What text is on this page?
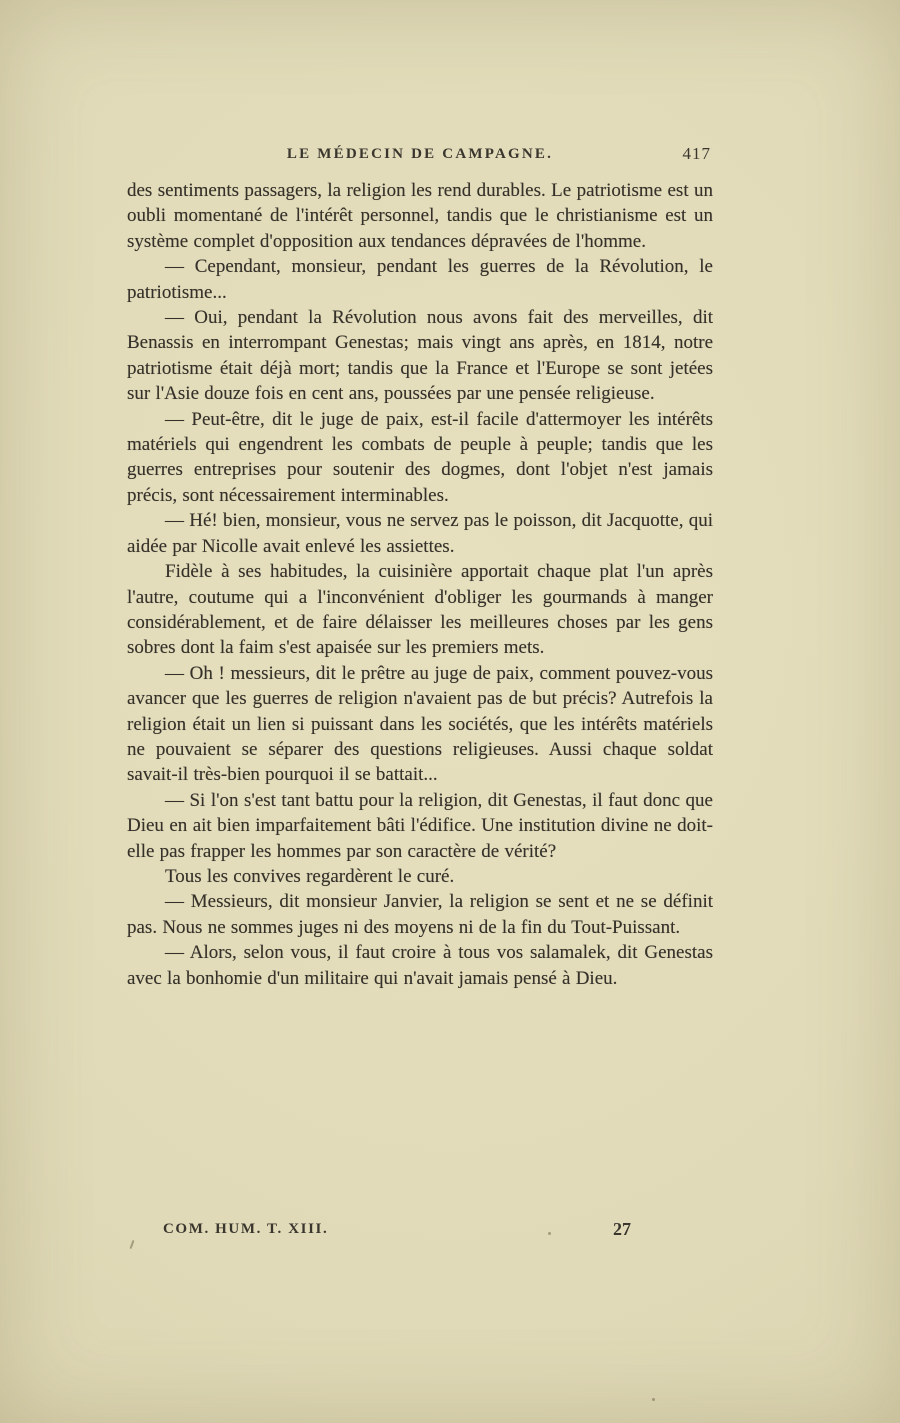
LE MÉDECIN DE CAMPAGNE.	417

des sentiments passagers, la religion les rend durables. Le patriotisme est un oubli momentané de l'intérêt personnel, tandis que le christianisme est un système complet d'opposition aux tendances dépravées de l'homme.

— Cependant, monsieur, pendant les guerres de la Révolution, le patriotisme...

— Oui, pendant la Révolution nous avons fait des merveilles, dit Benassis en interrompant Genestas; mais vingt ans après, en 1814, notre patriotisme était déjà mort; tandis que la France et l'Europe se sont jetées sur l'Asie douze fois en cent ans, poussées par une pensée religieuse.

— Peut-être, dit le juge de paix, est-il facile d'attermoyer les intérêts matériels qui engendrent les combats de peuple à peuple; tandis que les guerres entreprises pour soutenir des dogmes, dont l'objet n'est jamais précis, sont nécessairement interminables.

— Hé! bien, monsieur, vous ne servez pas le poisson, dit Jacquotte, qui aidée par Nicolle avait enlevé les assiettes.

Fidèle à ses habitudes, la cuisinière apportait chaque plat l'un après l'autre, coutume qui a l'inconvénient d'obliger les gourmands à manger considérablement, et de faire délaisser les meilleures choses par les gens sobres dont la faim s'est apaisée sur les premiers mets.

— Oh ! messieurs, dit le prêtre au juge de paix, comment pouvez-vous avancer que les guerres de religion n'avaient pas de but précis? Autrefois la religion était un lien si puissant dans les sociétés, que les intérêts matériels ne pouvaient se séparer des questions religieuses. Aussi chaque soldat savait-il très-bien pourquoi il se battait...

— Si l'on s'est tant battu pour la religion, dit Genestas, il faut donc que Dieu en ait bien imparfaitement bâti l'édifice. Une institution divine ne doit-elle pas frapper les hommes par son caractère de vérité?

Tous les convives regardèrent le curé.

— Messieurs, dit monsieur Janvier, la religion se sent et ne se définit pas. Nous ne sommes juges ni des moyens ni de la fin du Tout-Puissant.

— Alors, selon vous, il faut croire à tous vos salamalek, dit Genestas avec la bonhomie d'un militaire qui n'avait jamais pensé à Dieu.

COM. HUM. T. XIII.	27
